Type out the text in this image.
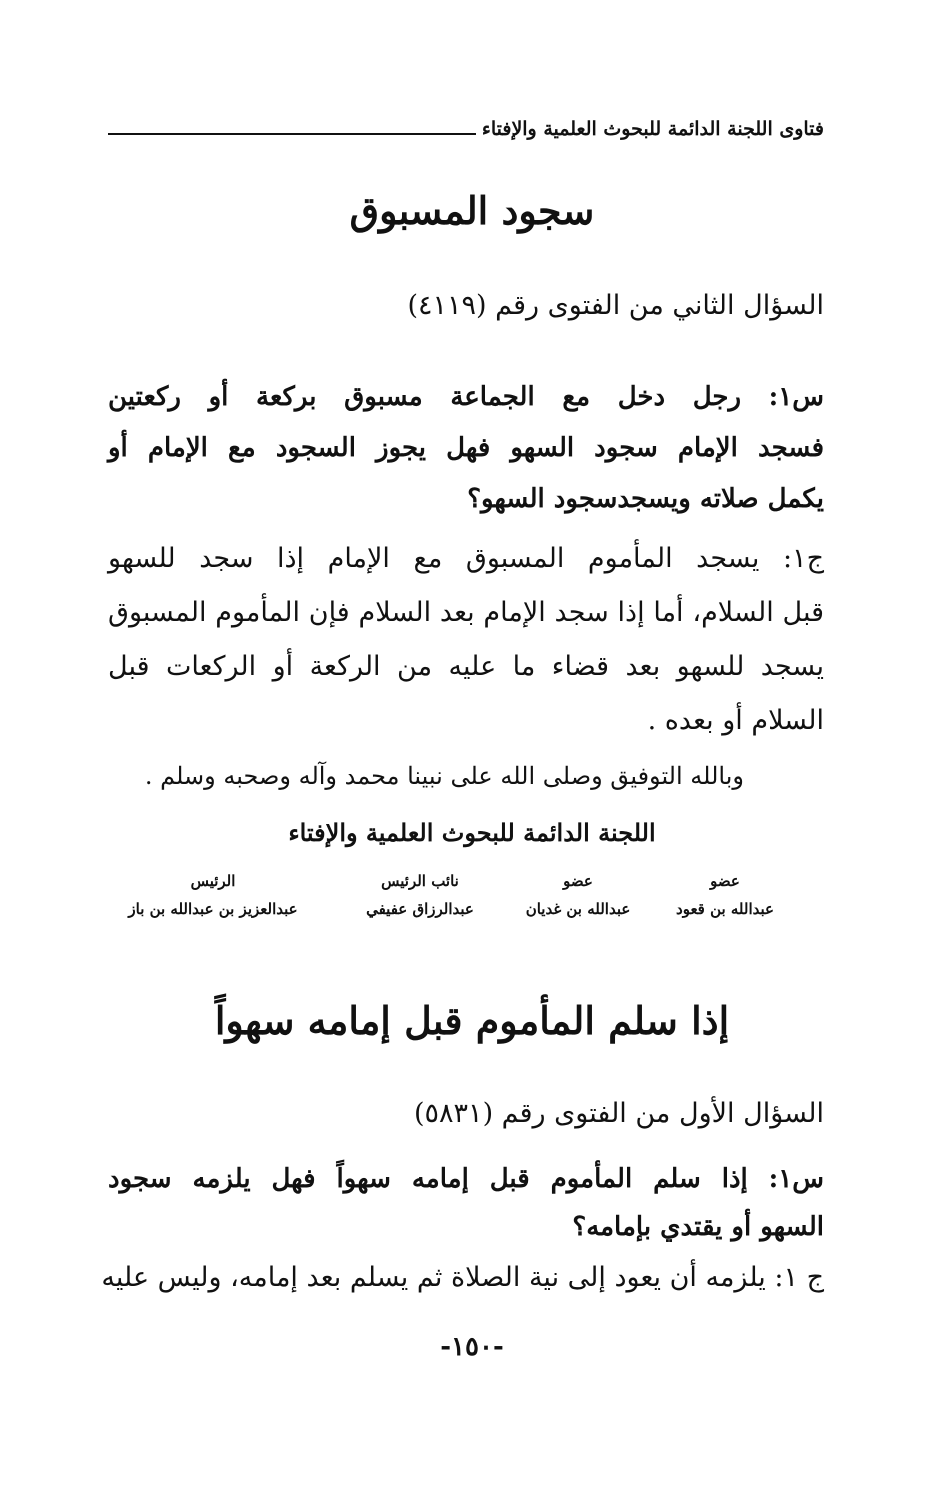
فتاوى اللجنة الدائمة للبحوث العلمية والإفتاء
سجود المسبوق
السؤال الثاني من الفتوى رقم (٤١١٩)
س١: رجل دخل مع الجماعة مسبوق بركعة أو ركعتين
فسجد الإمام سجود السهو فهل يجوز السجود مع الإمام أو
يكمل صلاته ويسجدسجود السهو؟
ج١: يسجد المأموم المسبوق مع الإمام إذا سجد للسهو
قبل السلام، أما إذا سجد الإمام بعد السلام فإن المأموم المسبوق
يسجد للسهو بعد قضاء ما عليه من الركعة أو الركعات قبل
السلام أو بعده .
وبالله التوفيق وصلى الله على نبينا محمد وآله وصحبه وسلم .
اللجنة الدائمة للبحوث العلمية والإفتاء
الرئيس
عبدالعزيز بن عبدالله بن باز
نائب الرئيس
عبدالرزاق عفيفي
عضو
عبدالله بن غديان
عضو
عبدالله بن قعود
إذا سلم المأموم قبل إمامه سهواً
السؤال الأول من الفتوى رقم (٥٨٣١)
س١: إذا سلم المأموم قبل إمامه سهواً فهل يلزمه سجود
السهو أو يقتدي بإمامه؟
ج ١: يلزمه أن يعود إلى نية الصلاة ثم يسلم بعد إمامه، وليس عليه
-١٥٠-
